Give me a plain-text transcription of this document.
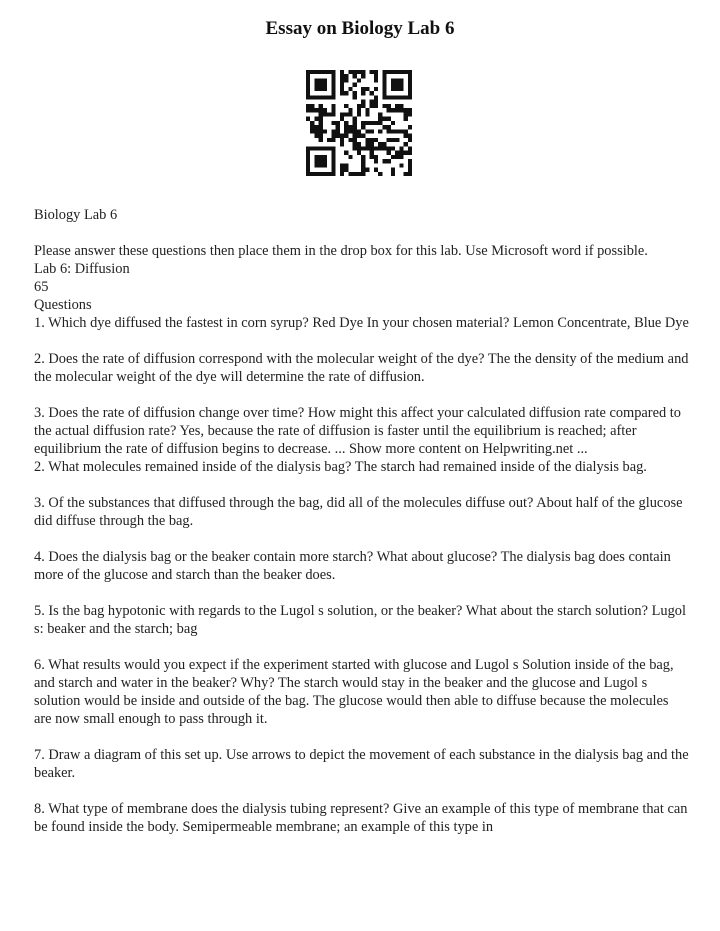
Essay on Biology Lab 6

Biology Lab 6

Please answer these questions then place them in the drop box for this lab. Use Microsoft word if possible.

Lab 6: Diffusion

65

Questions

1. Which dye diffused the fastest in corn syrup? Red Dye In your chosen material? Lemon Concentrate, Blue Dye

2. Does the rate of diffusion correspond with the molecular weight of the dye? The the density of the medium and the molecular weight of the dye will determine the rate of diffusion.

3. Does the rate of diffusion change over time? How might this affect your calculated diffusion rate compared to the actual diffusion rate? Yes, because the rate of diffusion is faster until the equilibrium is reached; after equilibrium the rate of diffusion begins to decrease. ... Show more content on Helpwriting.net ...

2. What molecules remained inside of the dialysis bag? The starch had remained inside of the dialysis bag.

3. Of the substances that diffused through the bag, did all of the molecules diffuse out? About half of the glucose did diffuse through the bag.

4. Does the dialysis bag or the beaker contain more starch? What about glucose? The dialysis bag does contain more of the glucose and starch than the beaker does.

5. Is the bag hypotonic with regards to the Lugol s solution, or the beaker? What about the starch solution? Lugol s: beaker and the starch; bag

6. What results would you expect if the experiment started with glucose and Lugol s Solution inside of the bag, and starch and water in the beaker? Why? The starch would stay in the beaker and the glucose and Lugol s solution would be inside and outside of the bag. The glucose would then able to diffuse because the molecules are now small enough to pass through it.

7. Draw a diagram of this set up. Use arrows to depict the movement of each substance in the dialysis bag and the beaker.

8. What type of membrane does the dialysis tubing represent? Give an example of this type of membrane that can be found inside the body. Semipermeable membrane; an example of this type in
